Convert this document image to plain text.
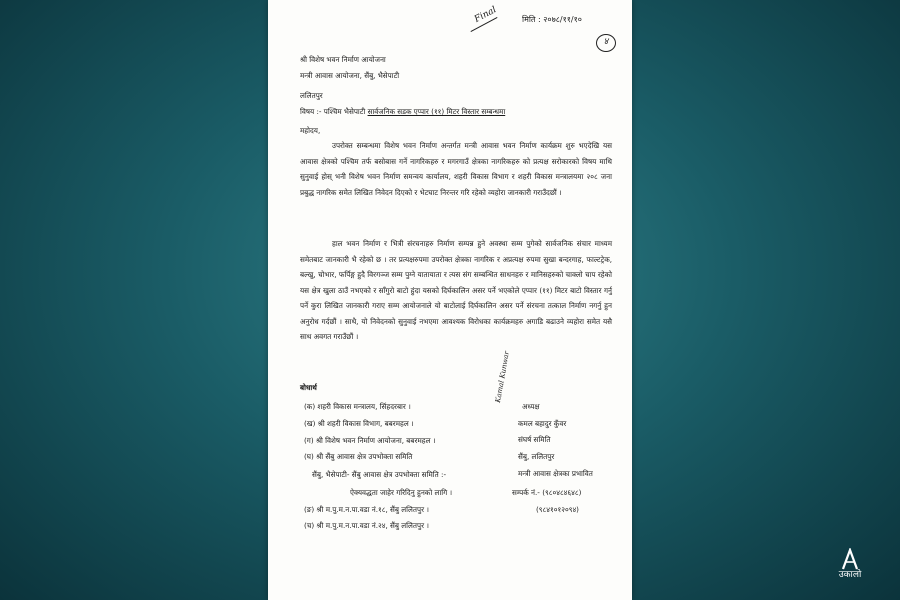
Final	मिति : २०७८/११/१०
४
श्री विशेष भवन निर्माण आयोजना
मन्त्री आवास आयोजना, सैंबु, भैसेपाटी
ललितपुर
विषय :- पश्चिम भैसेपाटी सार्वजनिक सडक एप्पार (११) मिटर विस्तार सम्बन्धमा
महोदय,
उपरोक्त सम्बन्धमा विशेष भवन निर्माण अन्तर्गत मन्त्री आवास भवन निर्माण कार्यक्रम शुरु भएदेखि यस आवास क्षेत्रको पश्चिम तर्फ बसोबास गर्ने नागरिकहरु र मगरगाउँ क्षेत्रका नागरिकहरु को प्रत्यक्ष सरोकारको विषय माथि सुनुवाई होस् भनी विशेष भवन निर्माण समन्वय कार्यालय, शहरी विकास विभाग र शहरी विकास मन्त्रालयमा २०८ जना प्रबुद्ध नागरिक समेत लिखित निवेदन दिएको र भेटघाट निरन्तर गरि रहेको व्यहोरा जानकारी गराउँदछौं ।
हाल भवन निर्माण र भित्री संरचनाहरु निर्माण सम्पन्न हुने अवस्था सम्म पुगेको सार्वजनिक संचार माध्यम समेतबाट जानकारी भै रहेको छ । तर प्रत्यक्षरुपमा उपरोक्त क्षेत्रका नागरिक र अप्रत्यक्ष रुपमा सुखा बन्दरगाह, फाल्टट्रेक, बल्खु, चोभार, फर्पिङ्ग हुदै विरगञ्ज सम्म पुग्ने यातायाता र त्यस संग सम्बन्धित साधनहरु र मानिसहरुको चाक्लो चाप रहेको यस क्षेत्र खुला ठाउँ नभएको र साँगुरो बाटो हुंदा यसको दिर्घकालिन असर पर्ने भएकोले एप्पार (११) मिटर बाटो विस्तार गर्नु पर्ने कुरा लिखित जानकारी गराए सम्म आयोजनाले यो बाटोलाई दिर्घकालिन असर पर्ने संरचना तत्काल निर्माण नगर्नु हुन अनुरोध गर्दछौं । साथै, यो निवेदनको सुनुवाई नभएमा आवश्यक विरोधका कार्यक्रमहरु अगाडि बढाउने व्यहोरा समेत यसै साथ अवगत गराउँछौं ।
बोधार्थ
(क) शहरी विकास मन्त्रालय, सिंहदरबार ।
(ख) श्री शहरी विकास विभाग, बबरमहल ।
(ग) श्री विशेष भवन निर्माण आयोजना, बबरमहल ।
(घ) श्री सैंबु आवास क्षेत्र उपभोक्ता समिति
सैंबु, भैसेपाटी- सैंबु आवास क्षेत्र उपभोक्ता समिति :-
ऐक्यवद्धता जाहेर गरिदिनु हुनको लागि ।
(ङ) श्री म.पु.म.न.पा.वडा नं.१८, सैंबु ललितपुर ।
(च) श्री म.पु.म.न.पा.वडा नं.२४, सैंबु ललितपुर ।
Kamal Kunwar
अध्यक्ष
कमल बहादुर कुँवर
संघर्ष समिति
सैंबु, ललितपुर
मन्त्री आवास क्षेत्रका प्रभावित
सम्पर्क नं.- (९८०४८४६४८)
(९८४१०१२०९४)
उकालो
